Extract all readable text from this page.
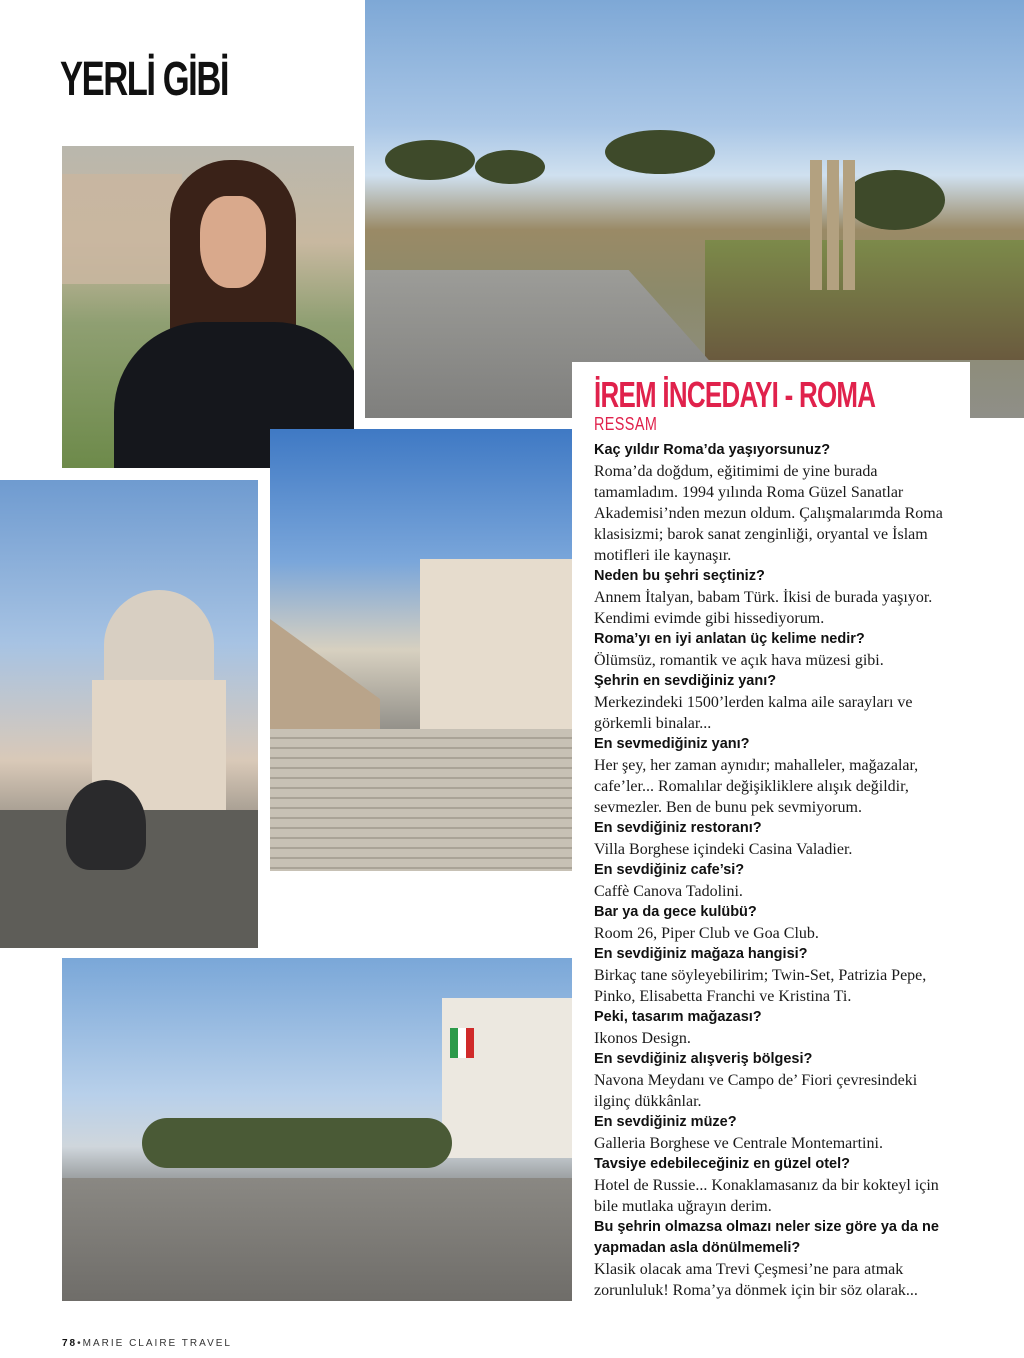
YERLİ GİBİ
İREM İNCEDAYI - ROMA
RESSAM
Kaç yıldır Roma’da yaşıyorsunuz?
Roma’da doğdum, eğitimimi de yine burada tamamladım. 1994 yılında Roma Güzel Sanatlar Akademisi’nden mezun oldum. Çalışmalarımda Roma klasisizmi; barok sanat zenginliği, oryantal ve İslam motifleri ile kaynaşır.
Neden bu şehri seçtiniz?
Annem İtalyan, babam Türk. İkisi de burada yaşıyor. Kendimi evimde gibi hissediyorum.
Roma’yı en iyi anlatan üç kelime nedir?
Ölümsüz, romantik ve açık hava müzesi gibi.
Şehrin en sevdiğiniz yanı?
Merkezindeki 1500’lerden kalma aile sarayları ve görkemli binalar...
En sevmediğiniz yanı?
Her şey, her zaman aynıdır; mahalleler, mağazalar, cafe’ler... Romalılar değişikliklere alışık değildir, sevmezler. Ben de bunu pek sevmiyorum.
En sevdiğiniz restoranı?
Villa Borghese içindeki Casina Valadier.
En sevdiğiniz cafe’si?
Caffè Canova Tadolini.
Bar ya da gece kulübü?
Room 26, Piper Club ve Goa Club.
En sevdiğiniz mağaza hangisi?
Birkaç tane söyleyebilirim; Twin-Set, Patrizia Pepe, Pinko, Elisabetta Franchi ve Kristina Ti.
Peki, tasarım mağazası?
Ikonos Design.
En sevdiğiniz alışveriş bölgesi?
Navona Meydanı ve Campo de’ Fiori çevresindeki ilginç dükkânlar.
En sevdiğiniz müze?
Galleria Borghese ve Centrale Montemartini.
Tavsiye edebileceğiniz en güzel otel?
Hotel de Russie... Konaklamasanız da bir kokteyl için bile mutlaka uğrayın derim.
Bu şehrin olmazsa olmazı neler size göre ya da ne yapmadan asla dönülmemeli?
Klasik olacak ama Trevi Çeşmesi’ne para atmak zorunluluk! Roma’ya dönmek için bir söz olarak...
78•MARIE CLAIRE TRAVEL
